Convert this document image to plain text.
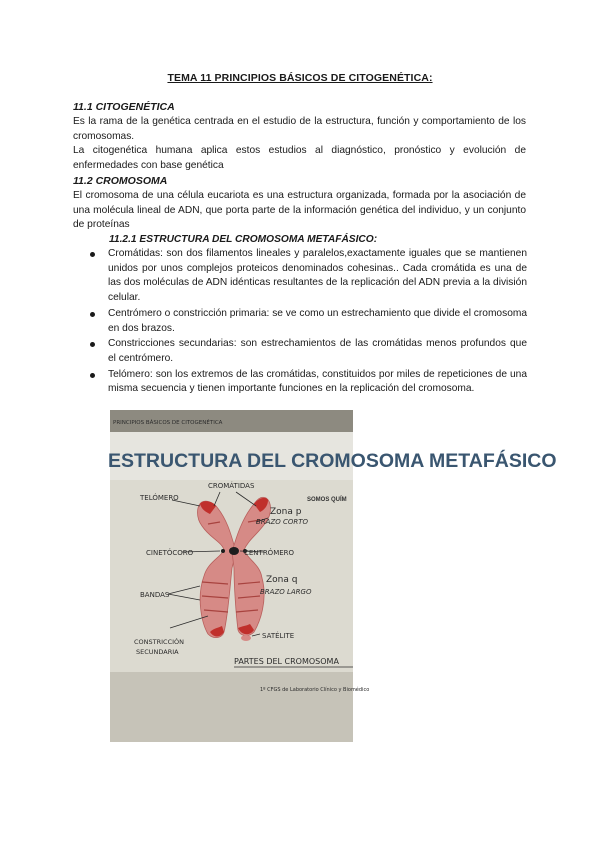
TEMA 11 PRINCIPIOS BÁSICOS DE CITOGENÉTICA:
11.1 CITOGENÉTICA
Es la rama de la genética centrada en el estudio de la estructura, función y comportamiento de los cromosomas.
La citogenética humana aplica estos estudios al diagnóstico, pronóstico y evolución de enfermedades con base genética
11.2 CROMOSOMA
El cromosoma de una célula eucariota es una estructura organizada, formada por la asociación de una molécula lineal de ADN, que porta parte de la información genética del individuo, y un conjunto de proteínas
11.2.1 ESTRUCTURA DEL CROMOSOMA METAFÁSICO:
Cromátidas: son dos filamentos lineales y paralelos,exactamente iguales que se mantienen unidos por unos complejos proteicos denominados cohesinas.. Cada cromátida es una de las dos moléculas de ADN idénticas resultantes de la replicación del ADN previa a la división celular.
Centrómero o constricción primaria: se ve como un estrechamiento que divide el cromosoma en dos brazos.
Constricciones secundarias: son estrechamientos de las cromátidas menos profundos que el centrómero.
Telómero: son los extremos de las cromátidas, constituidos por miles de repeticiones de una misma secuencia y tienen importante funciones en la replicación del cromosoma.
PRINCIPIOS BÁSICOS DE CITOGENÉTICA
ESTRUCTURA DEL CROMOSOMA METAFÁSICO
SOMOS QUÍM
1º CFGS de Laboratorio Clínico y Biomédico
TELÓMERO
CROMÁTIDAS
Zona p
BRAZO CORTO
CINETÓCORO	CENTRÓMERO
Zona q
BRAZO LARGO
BANDAS
SATÉLITE
CONSTRICCIÓN
SECUNDARIA
PARTES DEL CROMOSOMA
